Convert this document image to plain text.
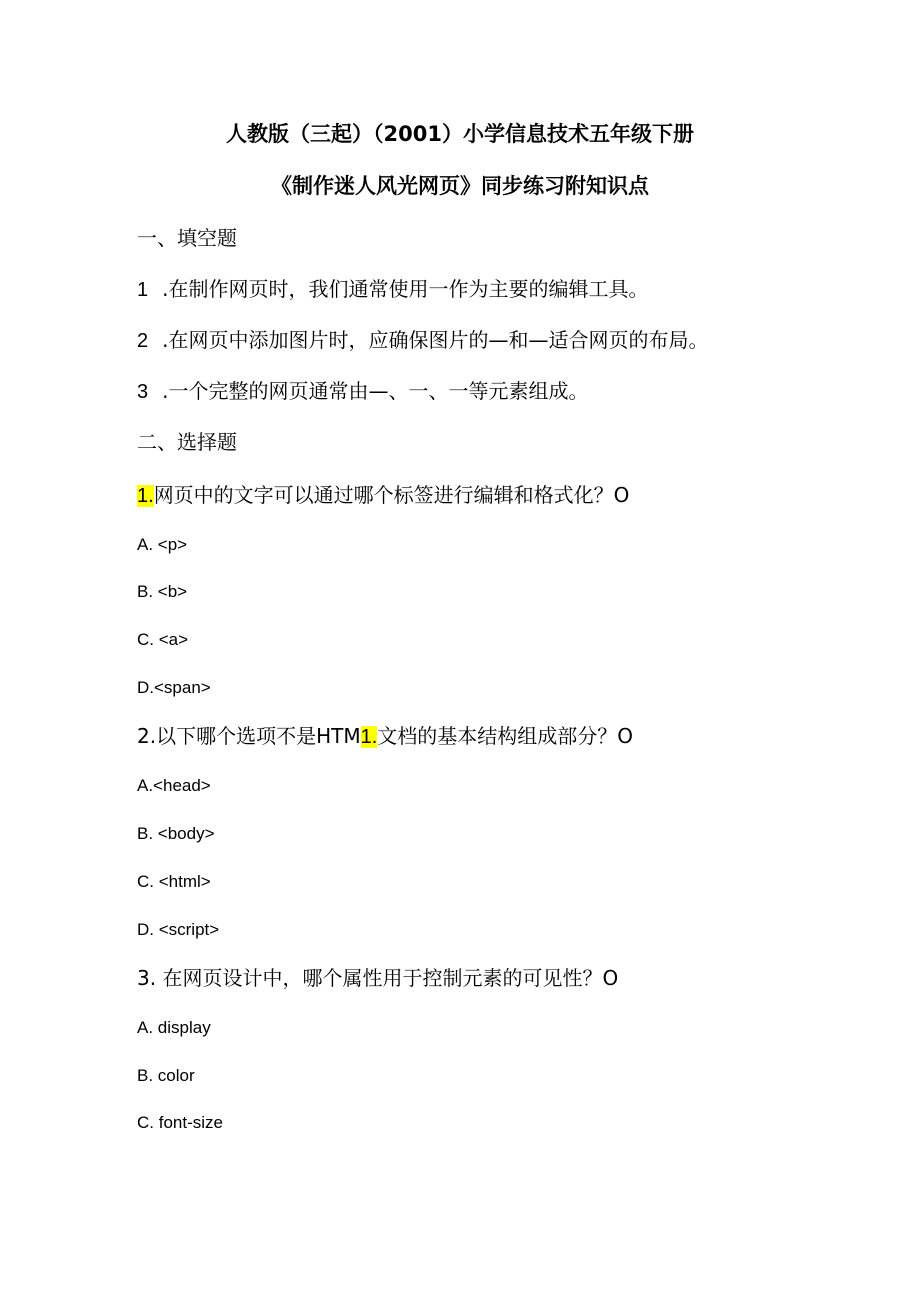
人教版（三起）（2001）小学信息技术五年级下册
《制作迷人风光网页》同步练习附知识点
一、填空题
1 .在制作网页时，我们通常使用一作为主要的编辑工具。
2 .在网页中添加图片时，应确保图片的—和—适合网页的布局。
3 .一个完整的网页通常由—、一、一等元素组成。
二、选择题
1.网页中的文字可以通过哪个标签进行编辑和格式化？O
A. <p>
B. <b>
C. <a>
D.<span>
2.以下哪个选项不是HTM1.文档的基本结构组成部分？O
A.<head>
B. <body>
C. <html>
D. <script>
3. 在网页设计中，哪个属性用于控制元素的可见性？O
A. display
B. color
C. font-size
